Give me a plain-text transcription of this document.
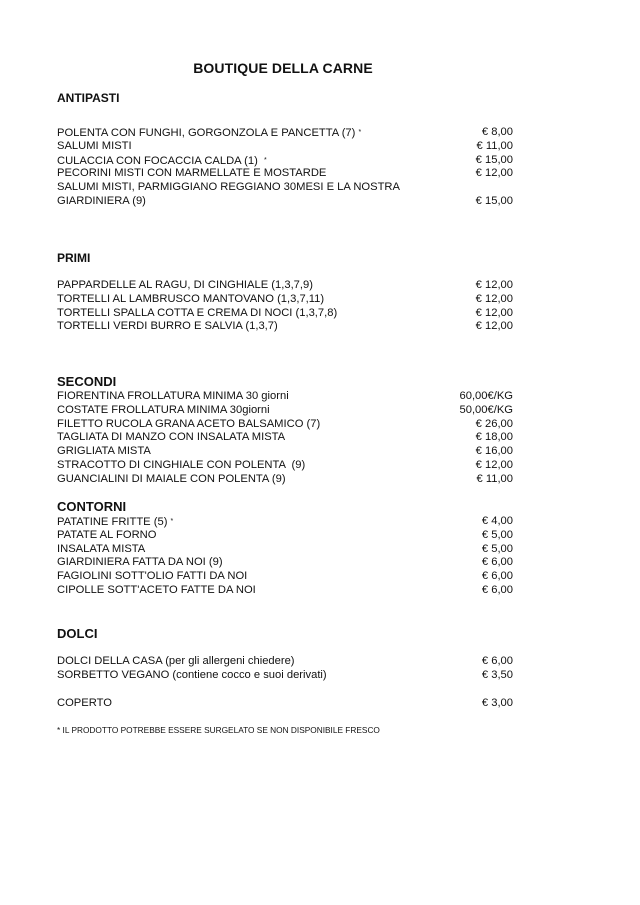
BOUTIQUE DELLA CARNE
ANTIPASTI
POLENTA CON FUNGHI, GORGONZOLA E PANCETTA (7) *	€ 8,00
SALUMI MISTI	€ 11,00
CULACCIA CON FOCACCIA CALDA (1) *	€ 15,00
PECORINI MISTI CON MARMELLATE E MOSTARDE	€ 12,00
SALUMI MISTI, PARMIGGIANO REGGIANO 30MESI E LA NOSTRA GIARDINIERA (9)	€ 15,00
PRIMI
PAPPARDELLE AL RAGU, DI CINGHIALE (1,3,7,9)	€ 12,00
TORTELLI AL LAMBRUSCO MANTOVANO (1,3,7,11)	€ 12,00
TORTELLI SPALLA COTTA E CREMA DI NOCI (1,3,7,8)	€ 12,00
TORTELLI VERDI BURRO E SALVIA (1,3,7)	€ 12,00
SECONDI
FIORENTINA FROLLATURA MINIMA 30 giorni	60,00€/KG
COSTATE FROLLATURA MINIMA 30giorni	50,00€/KG
FILETTO RUCOLA GRANA ACETO BALSAMICO (7)	€ 26,00
TAGLIATA DI MANZO CON INSALATA MISTA	€ 18,00
GRIGLIATA MISTA	€ 16,00
STRACOTTO DI CINGHIALE CON POLENTA  (9)	€ 12,00
GUANCIALINI DI MAIALE CON POLENTA (9)	€ 11,00
CONTORNI
PATATINE FRITTE (5) *	€ 4,00
PATATE AL FORNO	€ 5,00
INSALATA MISTA	€ 5,00
GIARDINIERA FATTA DA NOI (9)	€ 6,00
FAGIOLINI SOTT'OLIO FATTI DA NOI	€ 6,00
CIPOLLE SOTT'ACETO FATTE DA NOI	€ 6,00
DOLCI
DOLCI DELLA CASA (per gli allergeni chiedere)	€ 6,00
SORBETTO VEGANO (contiene cocco e suoi derivati)	€ 3,50
COPERTO	€ 3,00
* IL PRODOTTO POTREBBE ESSERE SURGELATO SE NON DISPONIBILE FRESCO
